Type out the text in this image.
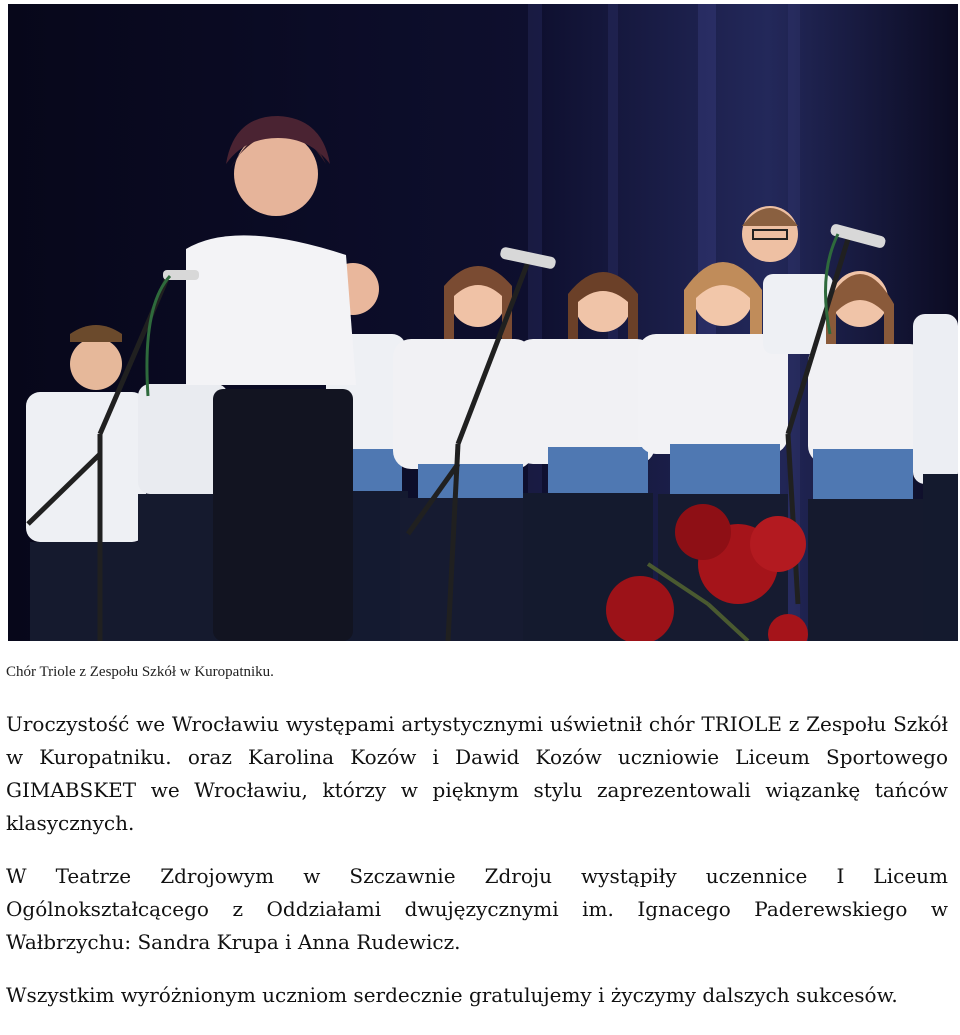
Chór Triole z Zespołu Szkół w Kuropatniku.

Uroczystość we Wrocławiu występami artystycznymi uświetnił chór TRIOLE z Zespołu Szkół w Kuropatniku. oraz Karolina Kozów i Dawid Kozów uczniowie Liceum Sportowego GIMABSKET we Wrocławiu, którzy w pięknym stylu zaprezentowali wiązankę tańców klasycznych.

W Teatrze Zdrojowym w Szczawnie Zdroju wystąpiły uczennice I Liceum Ogólnokształcącego z Oddziałami dwujęzycznymi im. Ignacego Paderewskiego w Wałbrzychu: Sandra Krupa i Anna Rudewicz.

Wszystkim wyróżnionym uczniom serdecznie gratulujemy i życzymy dalszych sukcesów.
